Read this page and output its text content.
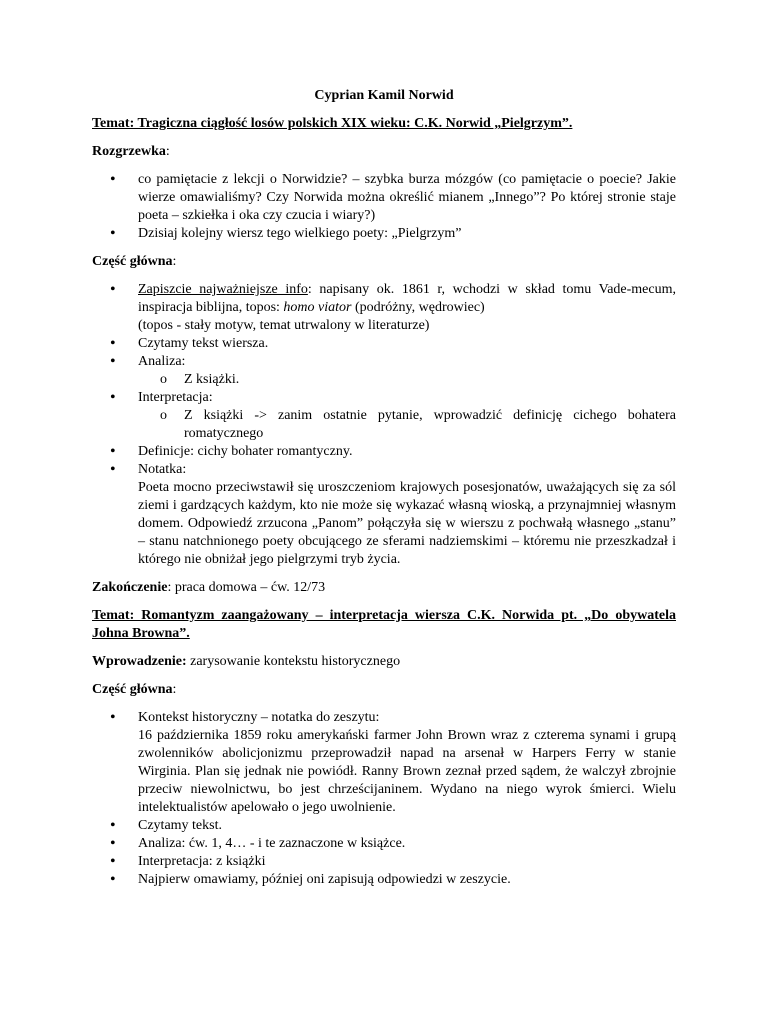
Cyprian Kamil Norwid

Temat: Tragiczna ciągłość losów polskich XIX wieku: C.K. Norwid „Pielgrzym”.

Rozgrzewka:

• co pamiętacie z lekcji o Norwidzie? – szybka burza mózgów (co pamiętacie o poecie? Jakie wierze omawialiśmy? Czy Norwida można określić mianem „Innego”? Po której stronie staje poeta – szkiełka i oka czy czucia i wiary?)
• Dzisiaj kolejny wiersz tego wielkiego poety: „Pielgrzym”

Część główna:

• Zapiszcie najważniejsze info: napisany ok. 1861 r, wchodzi w skład tomu Vade-mecum, inspiracja biblijna, topos: homo viator (podróżny, wędrowiec)
(topos - stały motyw, temat utrwalony w literaturze)
• Czytamy tekst wiersza.
• Analiza:
o Z książki.
• Interpretacja:
o Z książki -> zanim ostatnie pytanie, wprowadzić definicję cichego bohatera romatycznego
• Definicje: cichy bohater romantyczny.
• Notatka:
Poeta mocno przeciwstawił się uroszczeniom krajowych posesjonatów, uważających się za sól ziemi i gardzących każdym, kto nie może się wykazać własną wioską, a przynajmniej własnym domem. Odpowiedź zrzucona „Panom” połączyła się w wierszu z pochwałą własnego „stanu” – stanu natchnionego poety obcującego ze sferami nadziemskimi – któremu nie przeszkadzał i którego nie obniżał jego pielgrzymi tryb życia.

Zakończenie: praca domowa – ćw. 12/73

Temat: Romantyzm zaangażowany – interpretacja wiersza C.K. Norwida pt. „Do obywatela Johna Browna”.

Wprowadzenie: zarysowanie kontekstu historycznego

Część główna:

• Kontekst historyczny – notatka do zeszytu:
16 października 1859 roku amerykański farmer John Brown wraz z czterema synami i grupą zwolenników abolicjonizmu przeprowadził napad na arsenał w Harpers Ferry w stanie Wirginia. Plan się jednak nie powiódł. Ranny Brown zeznał przed sądem, że walczył zbrojnie przeciw niewolnictwu, bo jest chrześcijaninem. Wydano na niego wyrok śmierci. Wielu intelektualistów apelowało o jego uwolnienie.
• Czytamy tekst.
• Analiza: ćw. 1, 4… - i te zaznaczone w książce.
• Interpretacja: z książki
• Najpierw omawiamy, później oni zapisują odpowiedzi w zeszycie.
